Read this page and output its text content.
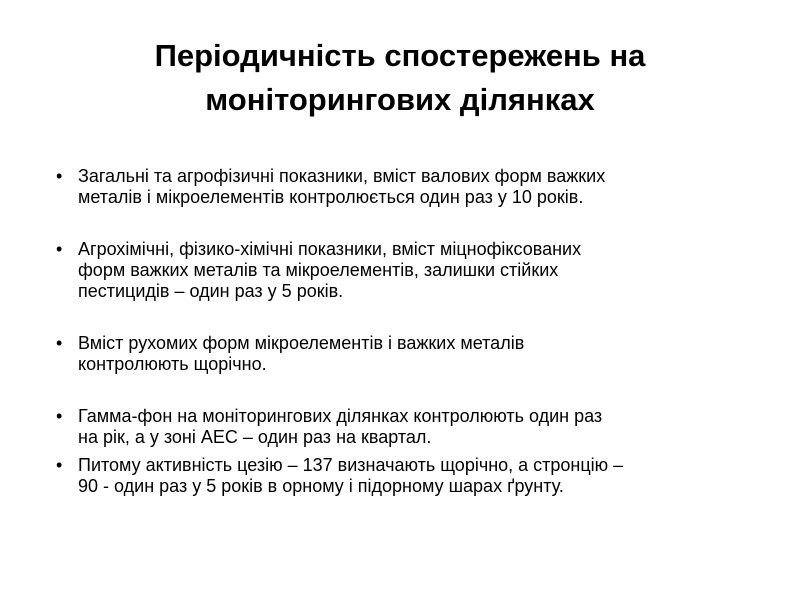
Періодичність спостережень на
моніторингових ділянках
• Загальні та агрофізичні показники, вміст валових форм важких
металів і мікроелементів контролюється один раз у 10 років.
• Агрохімічні, фізико-хімічні показники, вміст міцнофіксованих
форм важких металів та мікроелементів, залишки стійких
пестицидів – один раз у 5 років.
• Вміст рухомих форм мікроелементів і важких металів
контролюють щорічно.
• Гамма-фон на моніторингових ділянках контролюють один раз
на рік, а у зоні АЕС – один раз на квартал.
• Питому активність цезію – 137 визначають щорічно, а стронцію –
90 - один раз у 5 років в орному і підорному шарах ґрунту.
